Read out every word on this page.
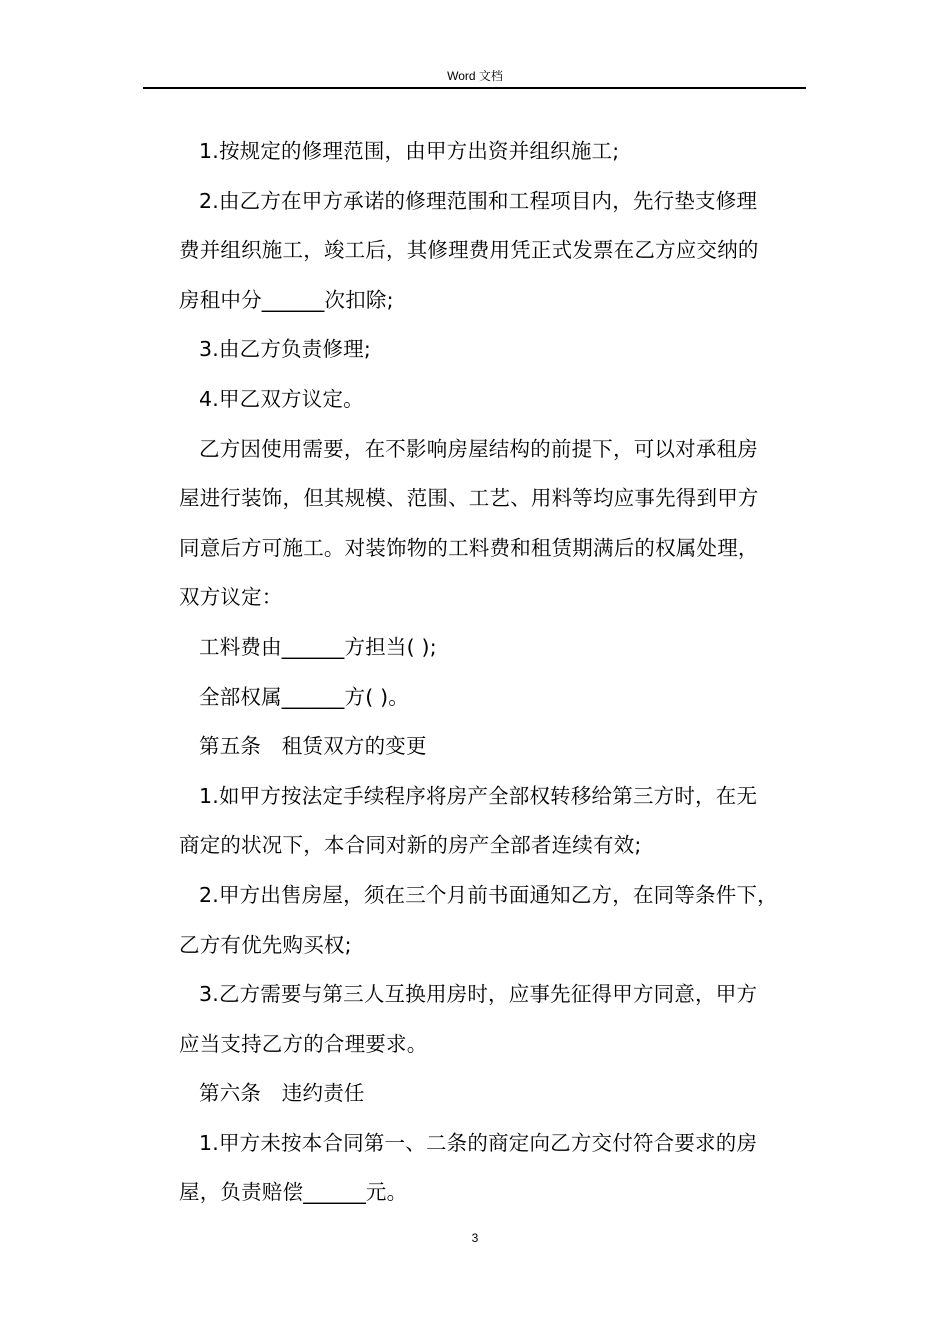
Word 文档
1.按规定的修理范围，由甲方出资并组织施工;
2.由乙方在甲方承诺的修理范围和工程项目内，先行垫支修理
费并组织施工，竣工后，其修理费用凭正式发票在乙方应交纳的
房租中分______次扣除;
3.由乙方负责修理;
4.甲乙双方议定。
乙方因使用需要，在不影响房屋结构的前提下，可以对承租房
屋进行装饰，但其规模、范围、工艺、用料等均应事先得到甲方
同意后方可施工。对装饰物的工料费和租赁期满后的权属处理，
双方议定：
工料费由______方担当( );
全部权属______方( )。
第五条　租赁双方的变更
1.如甲方按法定手续程序将房产全部权转移给第三方时，在无
商定的状况下，本合同对新的房产全部者连续有效;
2.甲方出售房屋，须在三个月前书面通知乙方，在同等条件下，
乙方有优先购买权;
3.乙方需要与第三人互换用房时，应事先征得甲方同意，甲方
应当支持乙方的合理要求。
第六条　违约责任
1.甲方未按本合同第一、二条的商定向乙方交付符合要求的房
屋，负责赔偿______元。
3
